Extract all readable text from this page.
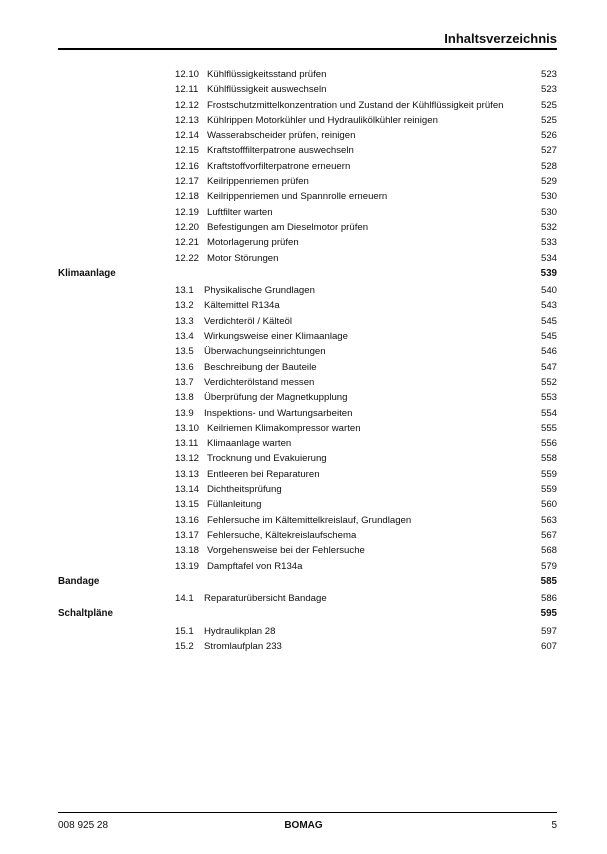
Inhaltsverzeichnis
12.10 Kühlflüssigkeitsstand prüfen	523
12.11 Kühlflüssigkeit auswechseln	523
12.12 Frostschutzmittelkonzentration und Zustand der Kühlflüssigkeit prüfen	525
12.13 Kühlrippen Motorkühler und Hydraulikölkühler reinigen	525
12.14 Wasserabscheider prüfen, reinigen	526
12.15 Kraftstofffilterpatrone auswechseln	527
12.16 Kraftstoffvorfilterpatrone erneuern	528
12.17 Keilrippenriemen prüfen	529
12.18 Keilrippenriemen und Spannrolle erneuern	530
12.19 Luftfilter warten	530
12.20 Befestigungen am Dieselmotor prüfen	532
12.21 Motorlagerung prüfen	533
12.22 Motor Störungen	534
Klimaanlage	539
13.1 Physikalische Grundlagen	540
13.2 Kältemittel R134a	543
13.3 Verdichteröl / Kälteöl	545
13.4 Wirkungsweise einer Klimaanlage	545
13.5 Überwachungseinrichtungen	546
13.6 Beschreibung der Bauteile	547
13.7 Verdichterölstand messen	552
13.8 Überprüfung der Magnetkupplung	553
13.9 Inspektions- und Wartungsarbeiten	554
13.10 Keilriemen Klimakompressor warten	555
13.11 Klimaanlage warten	556
13.12 Trocknung und Evakuierung	558
13.13 Entleeren bei Reparaturen	559
13.14 Dichtheitsprüfung	559
13.15 Füllanleitung	560
13.16 Fehlersuche im Kältemittelkreislauf, Grundlagen	563
13.17 Fehlersuche, Kältekreislaufschema	567
13.18 Vorgehensweise bei der Fehlersuche	568
13.19 Dampftafel von R134a	579
Bandage	585
14.1 Reparaturübersicht Bandage	586
Schaltpläne	595
15.1 Hydraulikplan 28	597
15.2 Stromlaufplan 233	607
008 925 28	BOMAG	5
